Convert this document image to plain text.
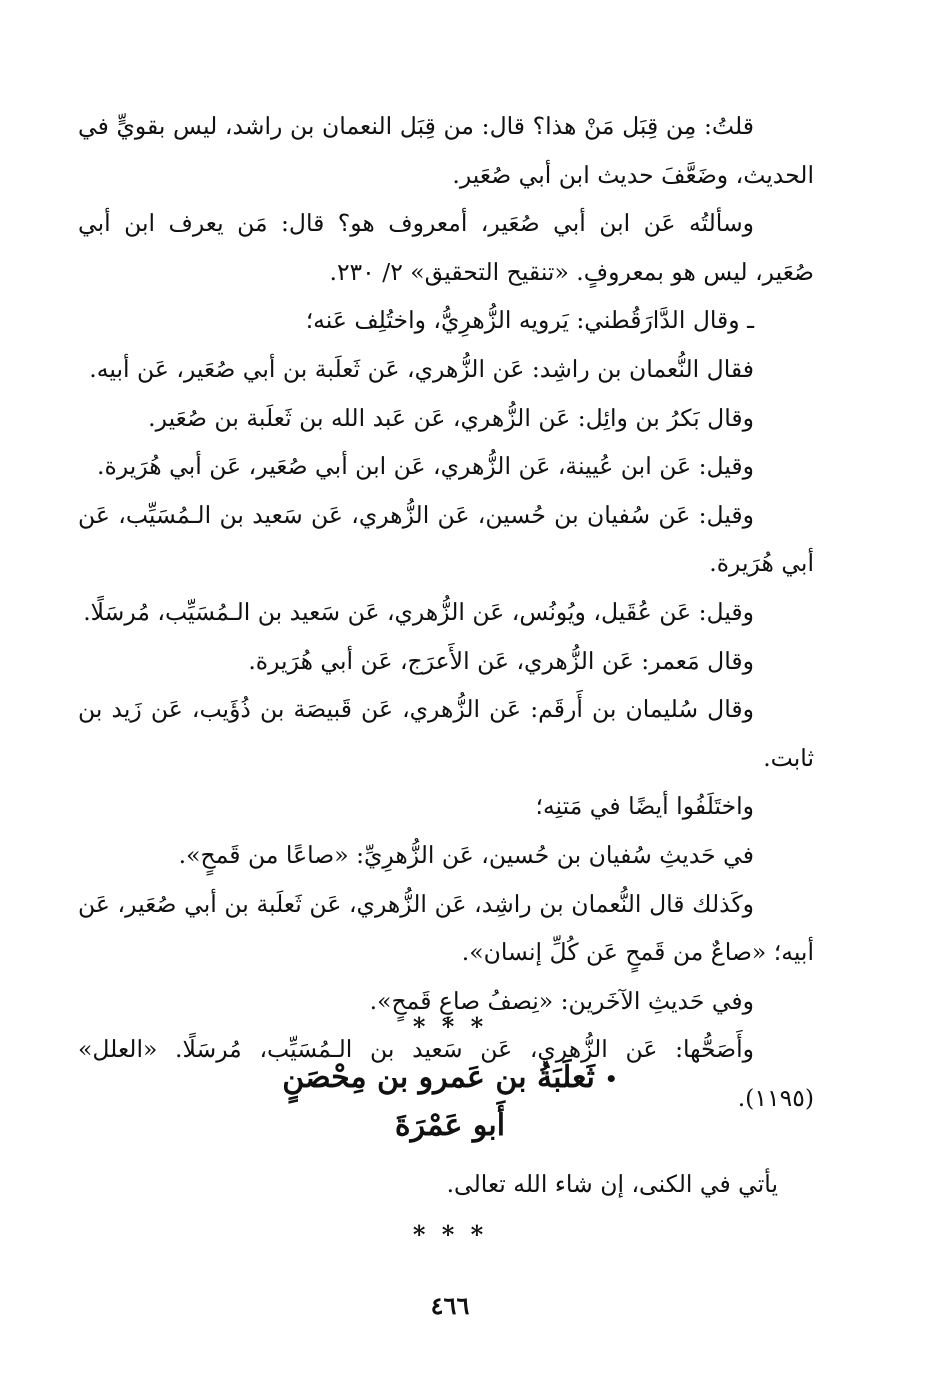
قلتُ: مِن قِبَل مَنْ هذا؟ قال: من قِبَل النعمان بن راشد، ليس بقويٍّ في الحديث، وضَعَّفَ حديث ابن أبي صُعَير.

وسألتُه عَن ابن أبي صُعَير، أمعروف هو؟ قال: مَن يعرف ابن أبي صُعَير، ليس هو بمعروفٍ. «تنقيح التحقيق» ٢/ ٢٣٠.

ـ وقال الدَّارَقُطني: يَرويه الزُّهرِيُّ، واختُلِف عَنه؛

فقال النُّعمان بن راشِد: عَن الزُّهري، عَن ثَعلَبة بن أبي صُعَير، عَن أبيه.

وقال بَكرُ بن وائِل: عَن الزُّهري، عَن عَبد الله بن ثَعلَبة بن صُعَير.

وقيل: عَن ابن عُيينة، عَن الزُّهري، عَن ابن أبي صُعَير، عَن أبي هُرَيرة.

وقيل: عَن سُفيان بن حُسين، عَن الزُّهري، عَن سَعيد بن الـمُسَيِّب، عَن أبي هُرَيرة.

وقيل: عَن عُقَيل، ويُونُس، عَن الزُّهري، عَن سَعيد بن الـمُسَيِّب، مُرسَلًا.

وقال مَعمر: عَن الزُّهري، عَن الأَعرَج، عَن أبي هُرَيرة.

وقال سُليمان بن أَرقَم: عَن الزُّهري، عَن قَبيصَة بن ذُؤَيب، عَن زَيد بن ثابت.

واختَلَفُوا أيضًا في مَتنِه؛

في حَديثِ سُفيان بن حُسين، عَن الزُّهرِيِّ: «صاعًا من قَمحٍ».

وكَذلك قال النُّعمان بن راشِد، عَن الزُّهري، عَن ثَعلَبة بن أبي صُعَير، عَن أبيه؛ «صاعٌ من قَمحٍ عَن كُلِّ إنسان».

وفي حَديثِ الآخَرين: «نِصفُ صاعِ قَمحٍ».

وأَصَحُّها: عَن الزُّهري، عَن سَعيد بن الـمُسَيِّب، مُرسَلًا. «العلل» (١١٩٥).

* * *
•ثَعلَبَةُ بن عَمرو بن مِحْصَنٍ
أَبو عَمْرَةَ

يأتي في الكنى، إن شاء الله تعالى.

* * *
٤٦٦
